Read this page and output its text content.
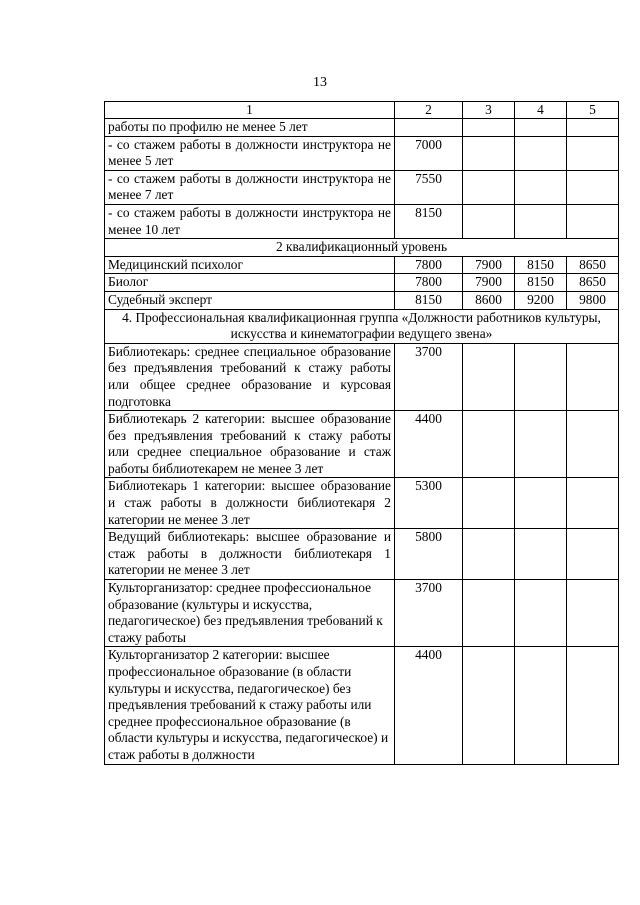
13
1	2	3	4	5
работы по профилю не менее 5 лет				
- со стажем работы в должности инструктора не менее 5 лет	7000			
- со стажем работы в должности инструктора не менее 7 лет	7550			
- со стажем работы в должности инструктора не менее 10 лет	8150			
2 квалификационный уровень				
Медицинский психолог	7800	7900	8150	8650
Биолог	7800	7900	8150	8650
Судебный эксперт	8150	8600	9200	9800
4. Профессиональная квалификационная группа «Должности работников культуры, искусства и кинематографии ведущего звена»				
Библиотекарь: среднее специальное образование без предъявления требований к стажу работы или общее среднее образование и курсовая подготовка	3700			
Библиотекарь 2 категории: высшее образование без предъявления требований к стажу работы или среднее специальное образование и стаж работы библиотекарем не менее 3 лет	4400			
Библиотекарь 1 категории: высшее образование и стаж работы в должности библиотекаря 2 категории не менее 3 лет	5300			
Ведущий библиотекарь: высшее образование и стаж работы в должности библиотекаря 1 категории не менее 3 лет	5800			
Культорганизатор: среднее профессиональное образование (культуры и искусства, педагогическое) без предъявления требований к стажу работы	3700			
Культорганизатор 2 категории: высшее профессиональное образование (в области культуры и искусства, педагогическое) без предъявления требований к стажу работы или среднее профессиональное образование (в области культуры и искусства, педагогическое) и стаж работы в должности	4400			
